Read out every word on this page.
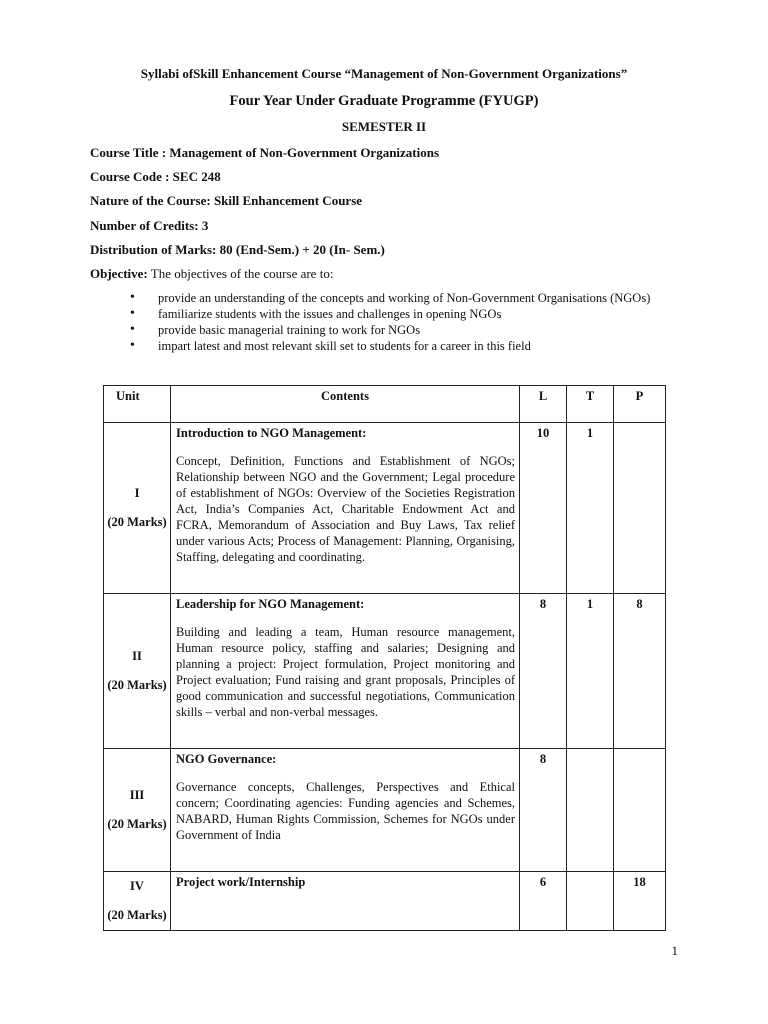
Syllabi ofSkill Enhancement Course “Management of Non-Government Organizations”
Four Year Under Graduate Programme (FYUGP)
SEMESTER II
Course Title : Management of Non-Government Organizations
Course Code : SEC 248
Nature of the Course: Skill Enhancement Course
Number of Credits: 3
Distribution of Marks: 80 (End-Sem.) + 20 (In- Sem.)
Objective: The objectives of the course are to:
• provide an understanding of the concepts and working of Non-Government Organisations (NGOs)
• familiarize students with the issues and challenges in opening NGOs
• provide basic managerial training to work for NGOs
• impart latest and most relevant skill set to students for a career in this field
Unit	Contents	L	T	P

I
(20 Marks)	Introduction to NGO Management:
Concept, Definition, Functions and Establishment of NGOs; Relationship between NGO and the Government; Legal procedure of establishment of NGOs: Overview of the Societies Registration Act, India’s Companies Act, Charitable Endowment Act and FCRA, Memorandum of Association and Buy Laws, Tax relief under various Acts; Process of Management: Planning, Organising, Staffing, delegating and coordinating.	10	1	

II
(20 Marks)	Leadership for NGO Management:
Building and leading a team, Human resource management, Human resource policy, staffing and salaries; Designing and planning a project: Project formulation, Project monitoring and Project evaluation; Fund raising and grant proposals, Principles of good communication and successful negotiations, Communication skills – verbal and non-verbal messages.	8	1	8

III
(20 Marks)	NGO Governance:
Governance concepts, Challenges, Perspectives and Ethical concern; Coordinating agencies: Funding agencies and Schemes, NABARD, Human Rights Commission, Schemes for NGOs under Government of India	8		

IV
(20 Marks)	Project work/Internship	6		18
1
